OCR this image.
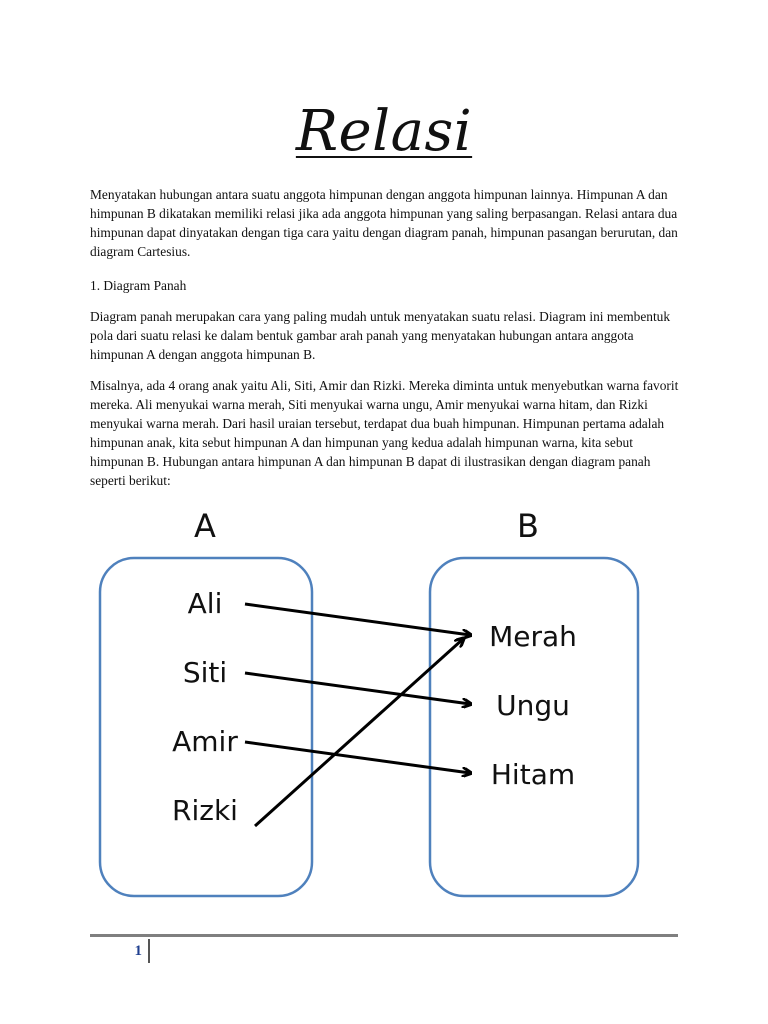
Relasi

Menyatakan hubungan antara suatu anggota himpunan dengan anggota himpunan lainnya. Himpunan A dan himpunan B dikatakan memiliki relasi jika ada anggota himpunan yang saling berpasangan. Relasi antara dua himpunan dapat dinyatakan dengan tiga cara yaitu dengan diagram panah, himpunan pasangan berurutan, dan diagram Cartesius.

1. Diagram Panah

Diagram panah merupakan cara yang paling mudah untuk menyatakan suatu relasi. Diagram ini membentuk pola dari suatu relasi ke dalam bentuk gambar arah panah yang menyatakan hubungan antara anggota himpunan A dengan anggota himpunan B.

Misalnya, ada 4 orang anak yaitu Ali, Siti, Amir dan Rizki. Mereka diminta untuk menyebutkan warna favorit mereka. Ali menyukai warna merah, Siti menyukai warna ungu, Amir menyukai warna hitam, dan Rizki menyukai warna merah. Dari hasil uraian tersebut, terdapat dua buah himpunan. Himpunan pertama adalah himpunan anak, kita sebut himpunan A dan himpunan yang kedua adalah himpunan warna, kita sebut himpunan B. Hubungan antara himpunan A dan himpunan B dapat di ilustrasikan dengan diagram panah seperti berikut:

A	B
Ali
Siti
Amir
Rizki
Merah
Ungu
Hitam
1
